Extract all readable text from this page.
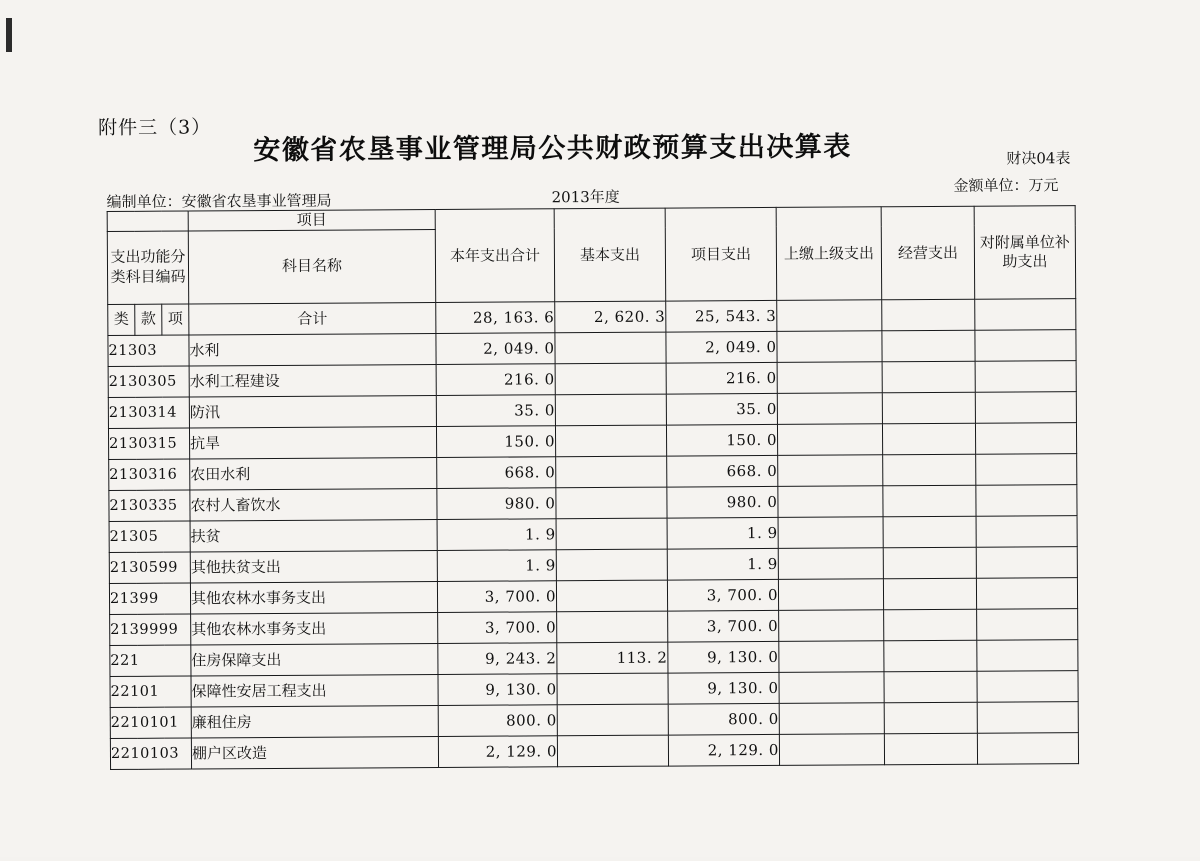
附件三（3）
安徽省农垦事业管理局公共财政预算支出决算表	财决04表
金额单位：万元
编制单位：安徽省农垦事业管理局	2013年度
			项目	本年支出合计	基本支出	项目支出	上缴上级支出	经营支出	对附属单位补助支出
支出功能分类科目编码			科目名称						
类	款	项	合计	28, 163. 6	2, 620. 3	25, 543. 3			
21303			水利	2, 049. 0		2, 049. 0			
2130305			水利工程建设	216. 0		216. 0			
2130314			防汛	35. 0		35. 0			
2130315			抗旱	150. 0		150. 0			
2130316			农田水利	668. 0		668. 0			
2130335			农村人畜饮水	980. 0		980. 0			
21305			扶贫	1. 9		1. 9			
2130599			其他扶贫支出	1. 9		1. 9			
21399			其他农林水事务支出	3, 700. 0		3, 700. 0			
2139999			其他农林水事务支出	3, 700. 0		3, 700. 0			
221			住房保障支出	9, 243. 2	113. 2	9, 130. 0			
22101			保障性安居工程支出	9, 130. 0		9, 130. 0			
2210101			廉租住房	800. 0		800. 0			
2210103			棚户区改造	2, 129. 0		2, 129. 0			
